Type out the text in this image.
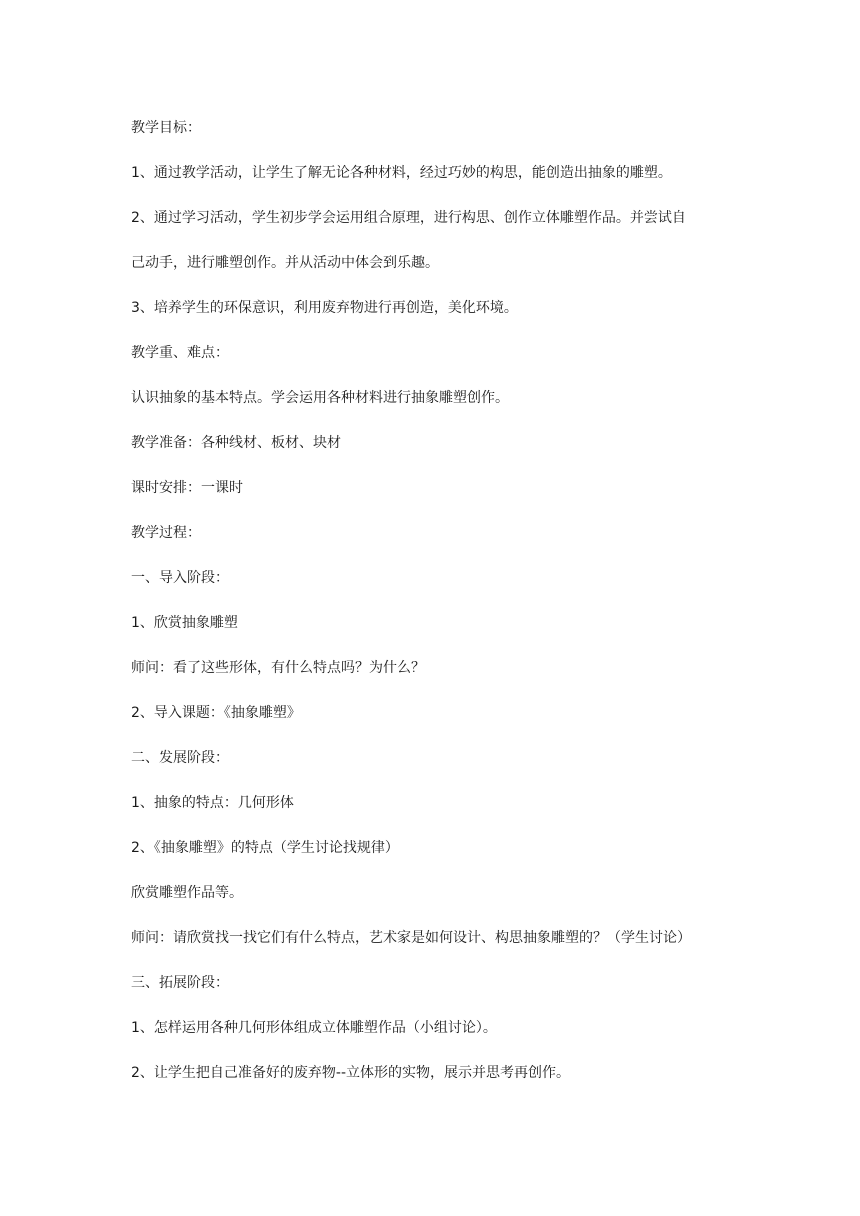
教学目标：

1、通过教学活动，让学生了解无论各种材料，经过巧妙的构思，能创造出抽象的雕塑。

2、通过学习活动，学生初步学会运用组合原理，进行构思、创作立体雕塑作品。并尝试自

己动手，进行雕塑创作。并从活动中体会到乐趣。

3、培养学生的环保意识，利用废弃物进行再创造，美化环境。

教学重、难点：

认识抽象的基本特点。学会运用各种材料进行抽象雕塑创作。

教学准备：各种线材、板材、块材

课时安排：一课时

教学过程：

一、导入阶段：

1、欣赏抽象雕塑

师问：看了这些形体，有什么特点吗？为什么？

2、导入课题：《抽象雕塑》

二、发展阶段：

1、抽象的特点：几何形体

2、《抽象雕塑》的特点（学生讨论找规律）

欣赏雕塑作品等。

师问：请欣赏找一找它们有什么特点，艺术家是如何设计、构思抽象雕塑的？（学生讨论）

三、拓展阶段：

1、怎样运用各种几何形体组成立体雕塑作品（小组讨论）。

2、让学生把自己准备好的废弃物--立体形的实物，展示并思考再创作。
